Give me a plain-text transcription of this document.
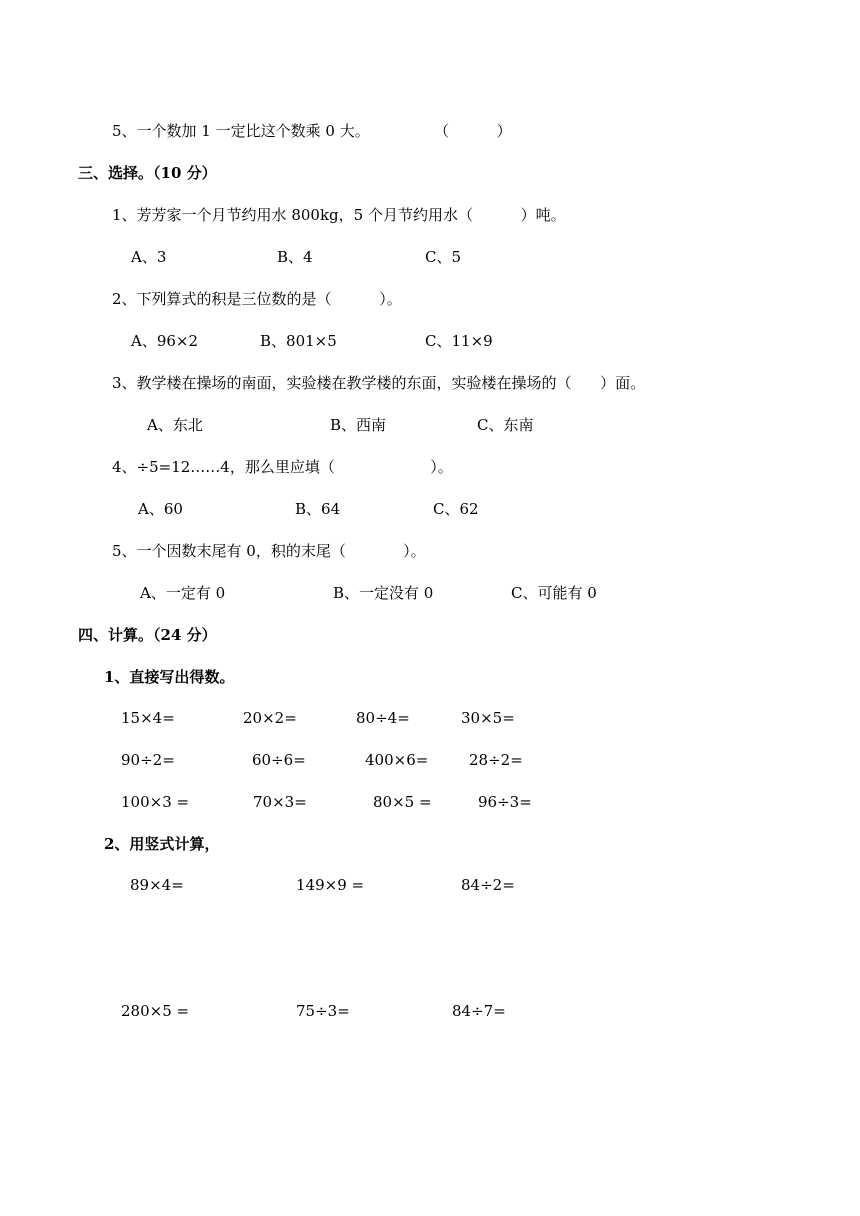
5、一个数加 1 一定比这个数乘 0 大。	（          ）
三、选择。（10 分）
1、芳芳家一个月节约用水 800kg，5 个月节约用水（          ）吨。
A、3	B、4	C、5
2、下列算式的积是三位数的是（          ）。
A、96×2	B、801×5	C、11×9
3、教学楼在操场的南面，实验楼在教学楼的东面，实验楼在操场的（      ）面。
A、东北	B、西南	C、东南
4、÷5=12……4，那么里应填（                    ）。
A、60	B、64	C、62
5、一个因数末尾有 0，积的末尾（            ）。
A、一定有 0	B、一定没有 0	C、可能有 0
四、计算。（24 分）
1、直接写出得数。
15×4=	20×2=	80÷4=	30×5=
90÷2=	60÷6=	400×6=	28÷2=
100×3 =	70×3=	80×5 =	96÷3=
2、用竖式计算，
89×4=	149×9 =	84÷2=
280×5 =	75÷3=	84÷7=
